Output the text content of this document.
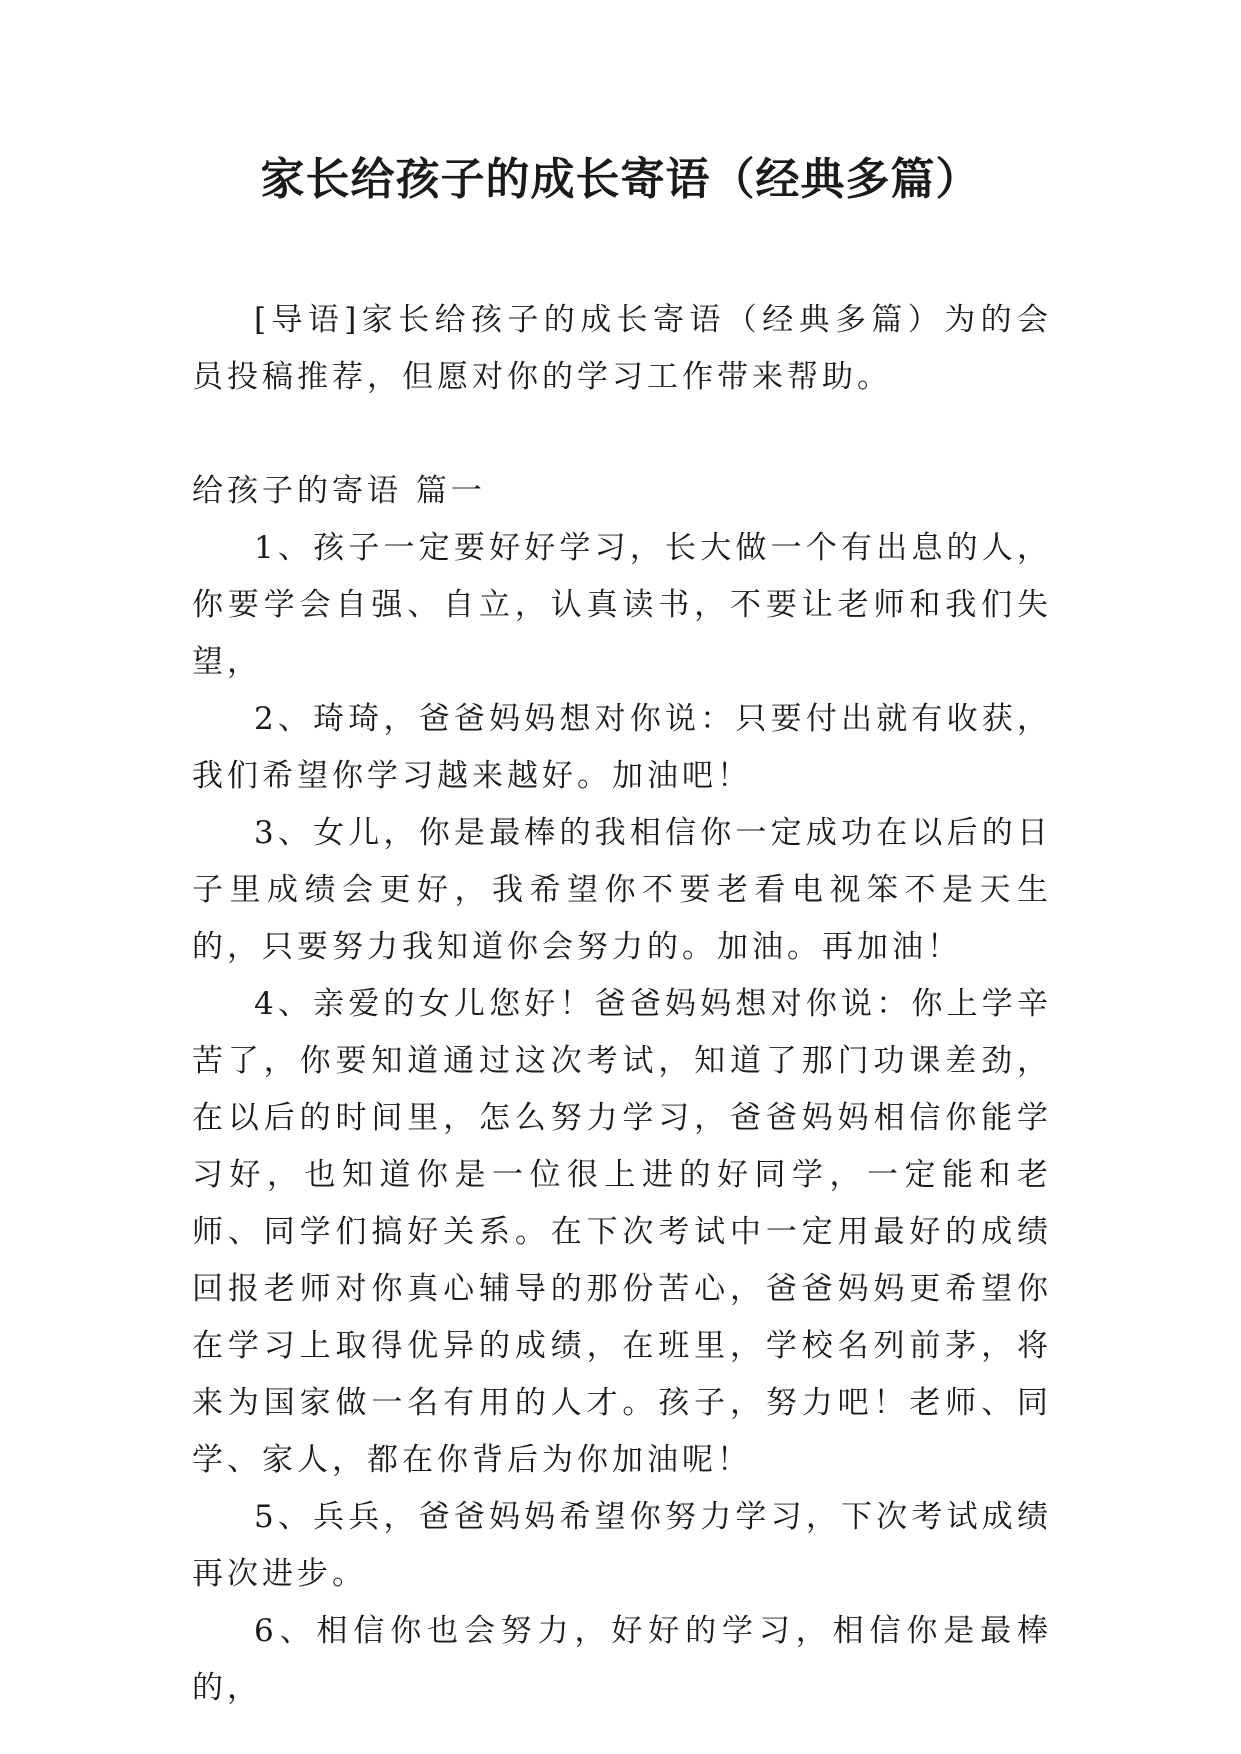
家长给孩子的成长寄语（经典多篇）

[导语]家长给孩子的成长寄语（经典多篇）为的会员投稿推荐，但愿对你的学习工作带来帮助。

给孩子的寄语 篇一

1、孩子一定要好好学习，长大做一个有出息的人，你要学会自强、自立，认真读书，不要让老师和我们失望，

2、琦琦，爸爸妈妈想对你说：只要付出就有收获，我们希望你学习越来越好。加油吧！

3、女儿，你是最棒的我相信你一定成功在以后的日子里成绩会更好，我希望你不要老看电视笨不是天生的，只要努力我知道你会努力的。加油。再加油！

4、亲爱的女儿您好！爸爸妈妈想对你说：你上学辛苦了，你要知道通过这次考试，知道了那门功课差劲，在以后的时间里，怎么努力学习，爸爸妈妈相信你能学习好，也知道你是一位很上进的好同学，一定能和老师、同学们搞好关系。在下次考试中一定用最好的成绩回报老师对你真心辅导的那份苦心，爸爸妈妈更希望你在学习上取得优异的成绩，在班里，学校名列前茅，将来为国家做一名有用的人才。孩子，努力吧！老师、同学、家人，都在你背后为你加油呢！

5、兵兵，爸爸妈妈希望你努力学习，下次考试成绩再次进步。

6、相信你也会努力，好好的学习，相信你是最棒的，
